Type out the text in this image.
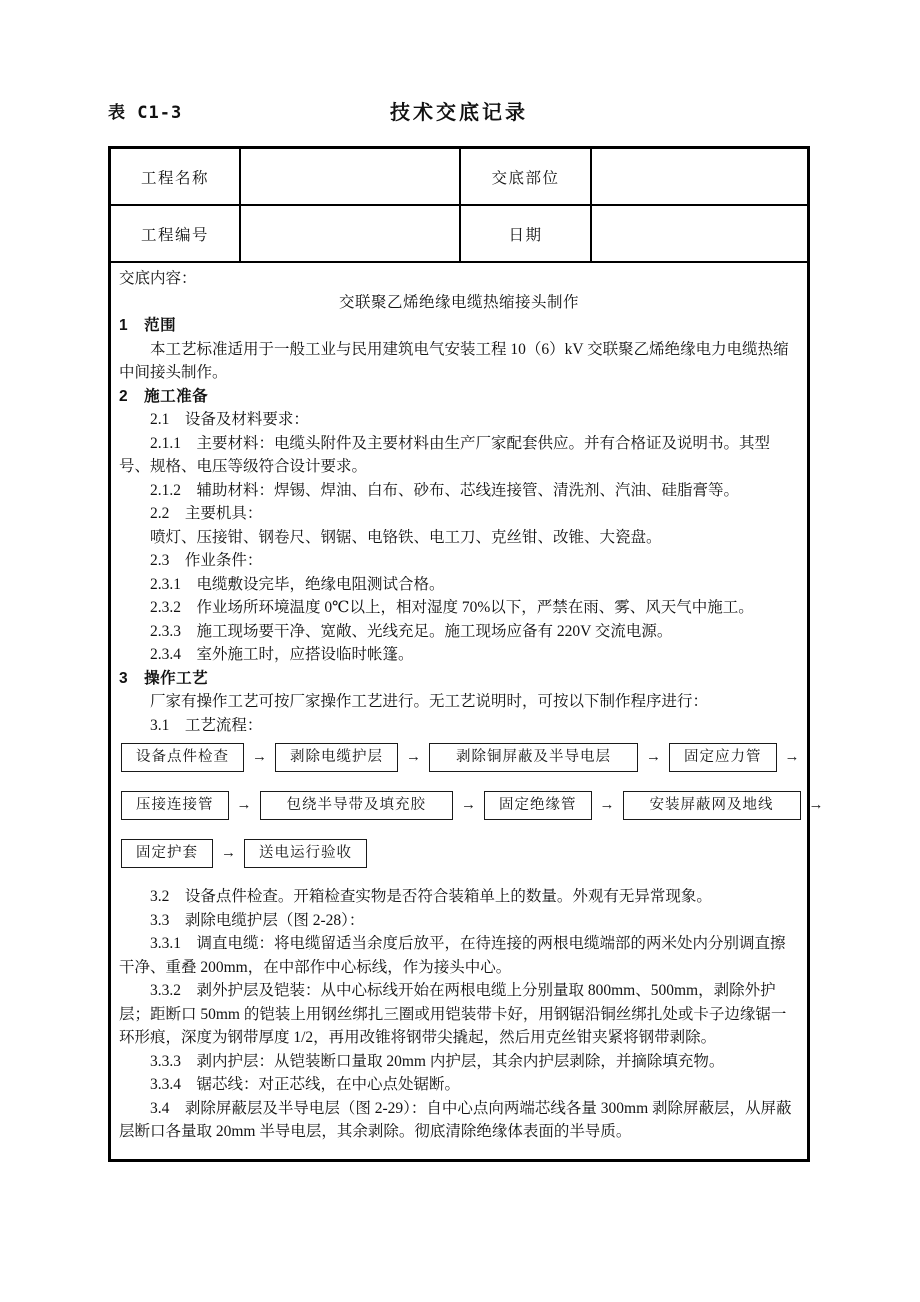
表 C1-3	技术交底记录
工程名称	交底部位
工程编号	日期

交底内容：

交联聚乙烯绝缘电缆热缩接头制作

1　范围

本工艺标准适用于一般工业与民用建筑电气安装工程 10（6）kV 交联聚乙烯绝缘电力电缆热缩中间接头制作。

2　施工准备

2.1　设备及材料要求：

2.1.1　主要材料：电缆头附件及主要材料由生产厂家配套供应。并有合格证及说明书。其型号、规格、电压等级符合设计要求。

2.1.2　辅助材料：焊锡、焊油、白布、砂布、芯线连接管、清洗剂、汽油、硅脂膏等。

2.2　主要机具：

喷灯、压接钳、钢卷尺、钢锯、电铬铁、电工刀、克丝钳、改锥、大瓷盘。

2.3　作业条件：

2.3.1　电缆敷设完毕，绝缘电阻测试合格。

2.3.2　作业场所环境温度 0℃以上，相对湿度 70%以下，严禁在雨、雾、风天气中施工。

2.3.3　施工现场要干净、宽敞、光线充足。施工现场应备有 220V 交流电源。

2.3.4　室外施工时，应搭设临时帐篷。

3　操作工艺

厂家有操作工艺可按厂家操作工艺进行。无工艺说明时，可按以下制作程序进行：

3.1　工艺流程：

设备点件检查	→	剥除电缆护层	→	剥除铜屏蔽及半导电层	→	固定应力管	→
压接连接管	→	包绕半导带及填充胶	→	固定绝缘管	→	安装屏蔽网及地线	→
固定护套	→	送电运行验收

3.2　设备点件检查。开箱检查实物是否符合装箱单上的数量。外观有无异常现象。

3.3　剥除电缆护层（图 2-28）：

3.3.1　调直电缆：将电缆留适当余度后放平，在待连接的两根电缆端部的两米处内分别调直擦干净、重叠 200mm，在中部作中心标线，作为接头中心。

3.3.2　剥外护层及铠装：从中心标线开始在两根电缆上分别量取 800mm、500mm，剥除外护层；距断口 50mm 的铠装上用钢丝绑扎三圈或用铠装带卡好，用钢锯沿铜丝绑扎处或卡子边缘锯一环形痕，深度为钢带厚度 1/2，再用改锥将钢带尖撬起，然后用克丝钳夹紧将钢带剥除。

3.3.3　剥内护层：从铠装断口量取 20mm 内护层，其余内护层剥除，并摘除填充物。

3.3.4　锯芯线：对正芯线，在中心点处锯断。

3.4　剥除屏蔽层及半导电层（图 2-29）：自中心点向两端芯线各量 300mm 剥除屏蔽层，从屏蔽层断口各量取 20mm 半导电层，其余剥除。彻底清除绝缘体表面的半导质。
